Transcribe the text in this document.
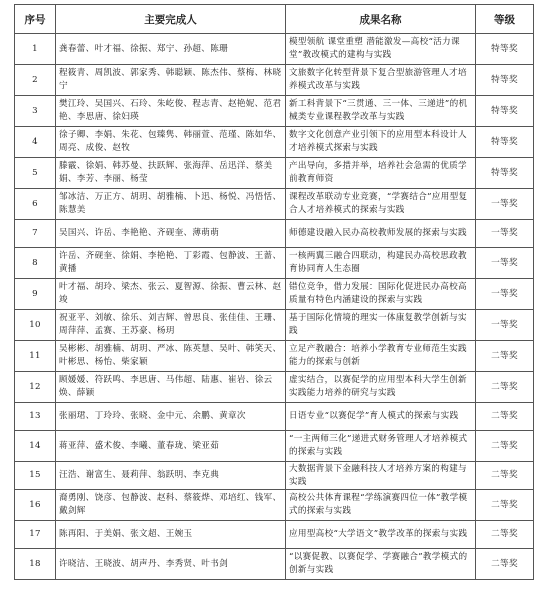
序号	主要完成人	成果名称	等级
1	龚春蕾、叶才福、徐振、郑宁、孙超、陈珊	模型领航 课堂重塑 潜能激发—高校“活力课堂”教改模式的建构与实践	特等奖
2	程筱青、周凯波、郭家秀、韩聪颖、陈杰伟、蔡梅、林晓宁	文旅数字化转型背景下复合型旅游管理人才培养模式改革与实践	特等奖
3	樊江玲、吴国兴、石玲、朱屹俊、程志青、赵艳妮、范君艳、李思唐、徐妇瑛	新工科背景下“三贯通、三一体、三递进”的机械类专业课程教学改革与实践	特等奖
4	徐子卿、李娟、朱花、包臻隽、韩丽萱、范瑾、陈如华、周亮、成俊、赵牧	数字文化创意产业引领下的应用型本科设计人才培养模式探索与实践	特等奖
5	滕霰、徐娟、韩苏曼、扶跃辉、张海萍、岳迅洋、蔡美娟、李芳、李丽、杨莹	产出导向，多措并举，培养社会急需的优质学前教育师资	特等奖
6	邹冰洁、万正方、胡玥、胡雅楠、卜迅、杨悦、冯悟恬、陈慧美	课程改革联动专业竞赛，“学赛结合”应用型复合人才培养模式的探索与实践	一等奖
7	吴国兴、许岳、李艳艳、齐砚奎、薄萌萌	师德建设融入民办高校教师发展的探索与实践	一等奖
8	许岳、齐砚奎、徐娟、李艳艳、丁彩霞、包静波、王蔷、黄播	一核两翼三融合四联动，构建民办高校思政教育协同育人生态圈	一等奖
9	叶才福、胡玲、梁杰、张云、夏智源、徐振、曹云林、赵竣	错位竞争，借力发展：国际化促进民办高校高质量有特色内涵建设的探索与实践	一等奖
10	祝亚平、刘敏、徐乐、刘吉辉、曾思良、张佳佳、王珊、周萍萍、孟赛、王苏豪、杨玥	基于国际化情境的理实一体康复教学创新与实践	一等奖
11	吴彬彬、胡雅楠、胡玥、严冰、陈英慧、吴叶、韩笑天、叶彬思、杨怡、柴家颖	立足产教融合：培养小学教育专业师范生实践能力的探索与创新	二等奖
12	顾媛媛、符跃鸣、李思唐、马伟超、陆惠、崔岩、徐云焕、薛颖	虚实结合，以赛促学的应用型本科大学生创新实践能力培养的研究与实践	二等奖
13	张丽珺、丁玲玲、张晓、金中元、余鹏、黄章次	日语专业“以赛促学”育人模式的探索与实践	二等奖
14	蒋亚萍、盛术俊、李曦、董春珑、梁亚茹	“一主两师三化”递进式财务管理人才培养模式的探索与实践	二等奖
15	汪浩、谢富生、聂莉萍、翁跃明、李克典	大数据背景下金融科技人才培养方案的构建与实践	二等奖
16	裔勇刚、饶彦、包静波、赵科、蔡筱烨、邓培红、钱军、戴剑辉	高校公共体育课程“学练演赛四位一体”教学模式的探索与实践	二等奖
17	陈再阳、于美娟、张文超、王婉玉	应用型高校“大学语文”教学改革的探索与实践	二等奖
18	许晓洁、王晓波、胡声丹、李秀贤、叶书剑	“以赛促教、以赛促学、学赛融合”教学模式的创新与实践	二等奖
